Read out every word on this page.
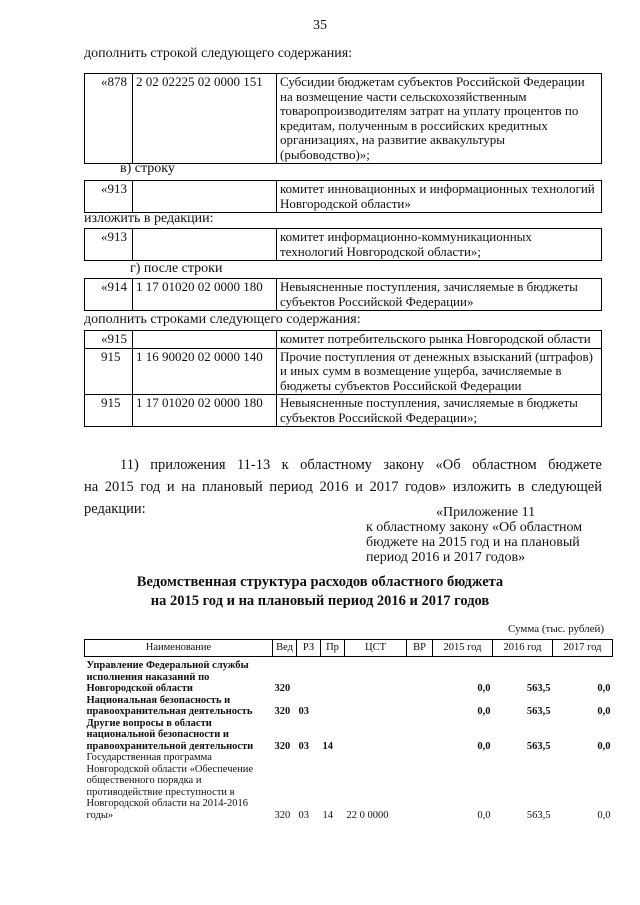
35
дополнить строкой следующего содержания:
«878	2 02 02225 02 0000 151	Субсидии бюджетам субъектов Российской Федерации на возмещение части сельскохозяйственным товаропроизводителям затрат на уплату процентов по кредитам, полученным в российских кредитных организациях, на развитие аквакультуры (рыбоводство)»;
в) строку
«913		комитет инновационных и информационных технологий Новгородской области»
изложить в редакции:
«913		комитет информационно-коммуникационных технологий Новгородской области»;
г) после строки
«914	1 17 01020 02 0000 180	Невыясненные поступления, зачисляемые в бюджеты субъектов Российской Федерации»
дополнить строками следующего содержания:
«915		комитет потребительского рынка Новгородской области
915	1 16 90020 02 0000 140	Прочие поступления от денежных взысканий (штрафов) и иных сумм в возмещение ущерба, зачисляемые в бюджеты субъектов Российской Федерации
915	1 17 01020 02 0000 180	Невыясненные поступления, зачисляемые в бюджеты субъектов Российской Федерации»;
11) приложения 11-13 к областному закону «Об областном бюджете
на 2015 год и на плановый период 2016 и 2017 годов» изложить в следующей
редакции:	«Приложение 11
к областному закону «Об областном
бюджете на 2015 год и на плановый
период 2016 и 2017 годов»
Ведомственная структура расходов областного бюджета
на 2015 год и на плановый период 2016 и 2017 годов
Сумма (тыс. рублей)
Наименование	Вед	РЗ	Пр	ЦСТ	ВР	2015 год	2016 год	2017 год
Управление Федеральной службы исполнения наказаний по Новгородской области	320					0,0	563,5	0,0
Национальная безопасность и правоохранительная деятельность	320	03				0,0	563,5	0,0
Другие вопросы в области национальной безопасности и правоохранительной деятельности	320	03	14			0,0	563,5	0,0
Государственная программа Новгородской области «Обеспечение общественного порядка и противодействие преступности в Новгородской области на 2014-2016 годы»	320	03	14	22 0 0000		0,0	563,5	0,0
